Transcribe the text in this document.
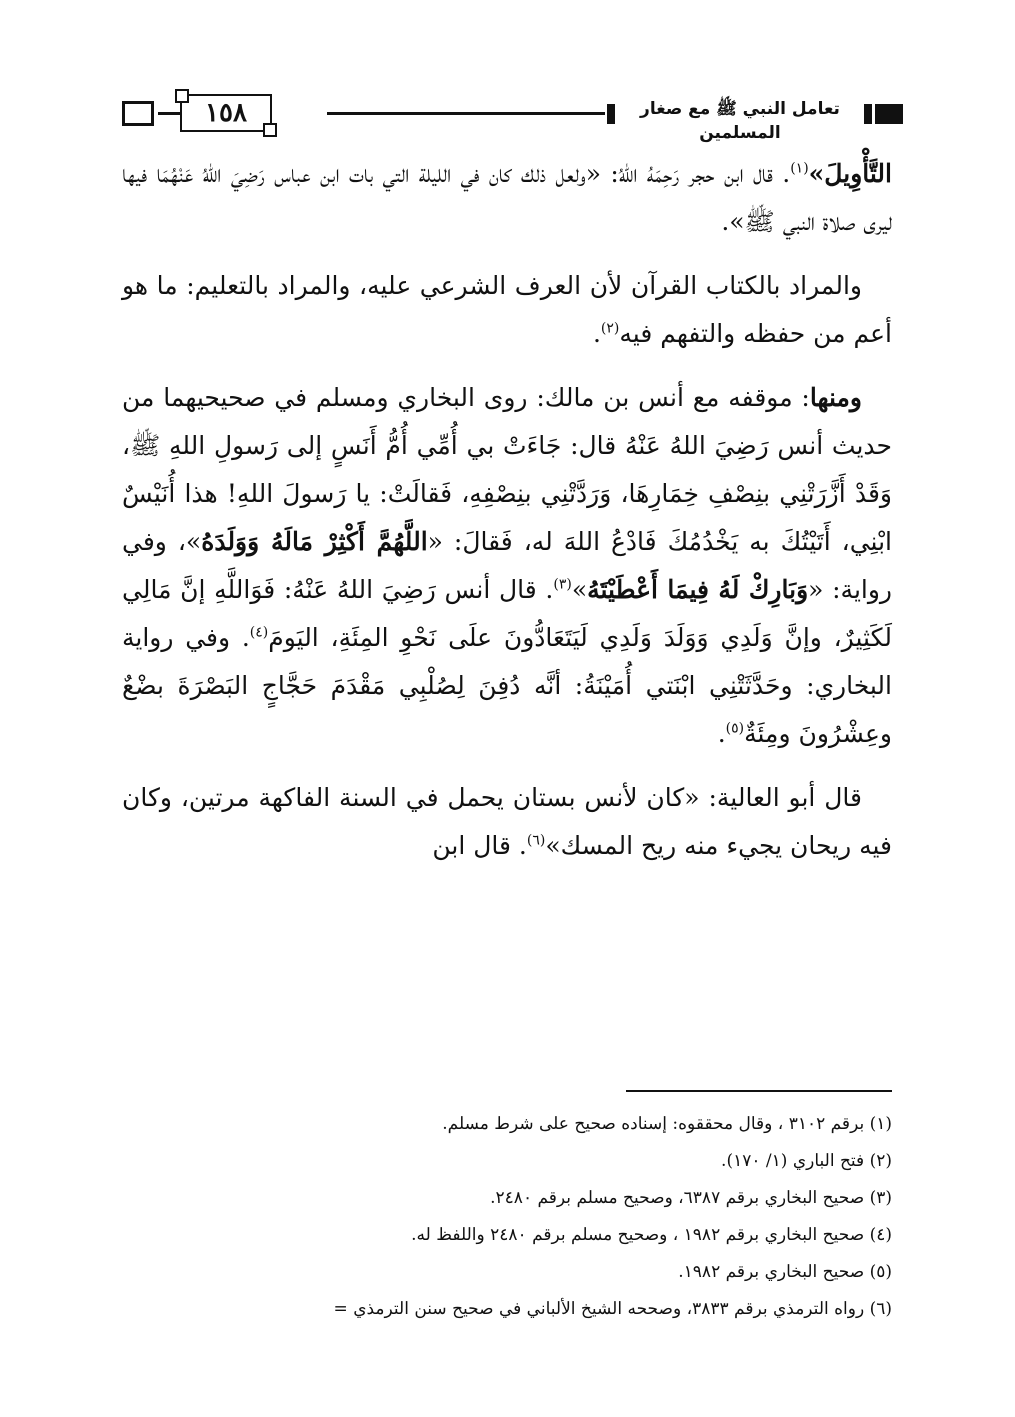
١٥٨	تعامل النبي ﷺ مع صغار المسلمين

التَّأْوِيلَ»$^{(١)}$. قال ابن حجر رَحِمَهُ اللهُ: «ولعل ذلك كان في الليلة التي بات ابن عباس رَضِيَ اللهُ عَنْهُمَا فيها ليرى صلاة النبي ﷺ».

والمراد بالكتاب القرآن لأن العرف الشرعي عليه، والمراد بالتعليم: ما هو أعم من حفظه والتفهم فيه$^{(٢)}$.

ومنها: موقفه مع أنس بن مالك: روى البخاري ومسلم في صحيحيهما من حديث أنس رَضِيَ اللهُ عَنْهُ قال: جَاءَتْ بي أُمِّي أُمُّ أَنَسٍ إلى رَسولِ اللهِ ﷺ، وَقَدْ أَزَّرَتْنِي بنِصْفِ خِمَارِهَا، وَرَدَّتْنِي بنِصْفِهِ، فَقالَتْ: يا رَسولَ اللهِ! هذا أُنَيْسٌ ابْنِي، أَتَيْتُكَ به يَخْدُمُكَ فَادْعُ اللهَ له، فَقالَ: «اللَّهُمَّ أَكْثِرْ مَالَهُ وَوَلَدَهُ»، وفي رواية: «وَبَارِكْ لَهُ فِيمَا أَعْطَيْتَهُ»$^{(٣)}$. قال أنس رَضِيَ اللهُ عَنْهُ: فَوَاللَّهِ إنَّ مَالِي لَكَثِيرٌ، وإنَّ وَلَدِي وَوَلَدَ وَلَدِي لَيَتَعَادُّونَ علَى نَحْوِ المِئَةِ، اليَومَ$^{(٤)}$. وفي رواية البخاري: وحَدَّثَتْنِي ابْنَتي أُمَيْنَةُ: أنَّه دُفِنَ لِصُلْبِي مَقْدَمَ حَجَّاجٍ البَصْرَةَ بضْعٌ وعِشْرُونَ ومِئَةٌ$^{(٥)}$.

قال أبو العالية: «كان لأنس بستان يحمل في السنة الفاكهة مرتين، وكان فيه ريحان يجيء منه ريح المسك»$^{(٦)}$. قال ابن

(١) برقم ٣١٠٢ ، وقال محققوه: إسناده صحيح على شرط مسلم.
(٢) فتح الباري (١/ ١٧٠).
(٣) صحيح البخاري برقم ٦٣٨٧، وصحيح مسلم برقم ٢٤٨٠.
(٤) صحيح البخاري برقم ١٩٨٢ ، وصحيح مسلم برقم ٢٤٨٠ واللفظ له.
(٥) صحيح البخاري برقم ١٩٨٢.
(٦) رواه الترمذي برقم ٣٨٣٣، وصححه الشيخ الألباني في صحيح سنن الترمذي =
